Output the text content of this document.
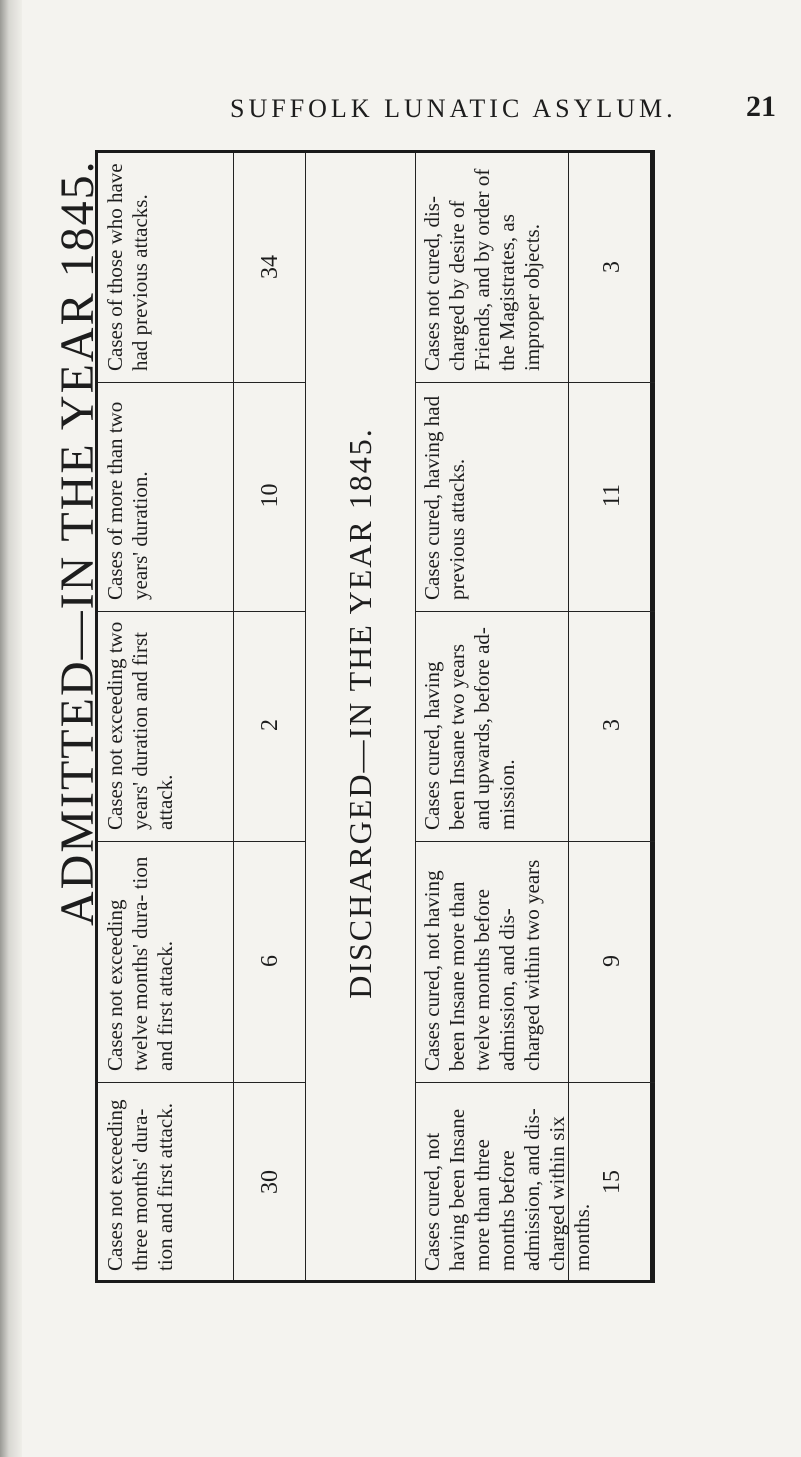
SUFFOLK LUNATIC ASYLUM. 21
ADMITTED—IN THE YEAR 1845.
Cases not exceeding three months' dura- tion and first attack.
Cases not exceeding twelve months' dura- tion and first attack.
Cases not exceeding two years' duration and first attack.
Cases of more than two years' duration.
Cases of those who have had previous attacks.
30
6
2
10
34
DISCHARGED—IN THE YEAR 1845.
Cases cured, not having been Insane more than three months before admission, and dis- charged within six months.
Cases cured, not having been Insane more than twelve months before admission, and dis- charged within two years
Cases cured, having been Insane two years and upwards, before ad- mission.
Cases cured, having had previous attacks.
Cases not cured, dis- charged by desire of Friends, and by order of the Magistrates, as improper objects.
15
9
3
11
3
